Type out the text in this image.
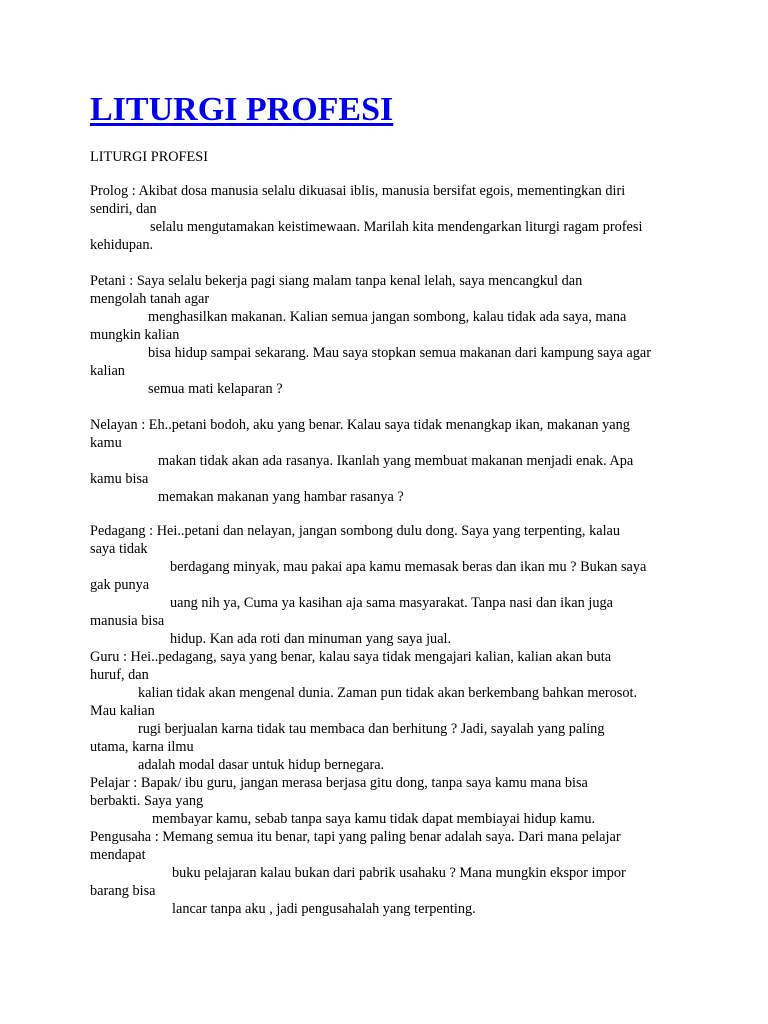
LITURGI PROFESI
LITURGI PROFESI
Prolog : Akibat dosa manusia selalu dikuasai iblis, manusia bersifat egois, mementingkan diri
sendiri, dan
selalu mengutamakan keistimewaan. Marilah kita mendengarkan liturgi ragam profesi
kehidupan.
Petani : Saya selalu bekerja pagi siang malam tanpa kenal lelah, saya mencangkul dan
mengolah tanah agar
menghasilkan makanan. Kalian semua jangan sombong, kalau tidak ada saya, mana
mungkin kalian
bisa hidup sampai sekarang. Mau saya stopkan semua makanan dari kampung saya agar
kalian
semua mati kelaparan ?
Nelayan : Eh..petani bodoh, aku yang benar. Kalau saya tidak menangkap ikan, makanan yang
kamu
makan tidak akan ada rasanya. Ikanlah yang membuat makanan menjadi enak. Apa
kamu bisa
memakan makanan yang hambar rasanya ?
Pedagang : Hei..petani dan nelayan, jangan sombong dulu dong. Saya yang terpenting, kalau
saya tidak
berdagang minyak, mau pakai apa kamu memasak beras dan ikan mu ? Bukan saya
gak punya
uang nih ya, Cuma ya kasihan aja sama masyarakat. Tanpa nasi dan ikan juga
manusia bisa
hidup. Kan ada roti dan minuman yang saya jual.
Guru : Hei..pedagang, saya yang benar, kalau saya tidak mengajari kalian, kalian akan buta
huruf, dan
kalian tidak akan mengenal dunia. Zaman pun tidak akan berkembang bahkan merosot.
Mau kalian
rugi berjualan karna tidak tau membaca dan berhitung ? Jadi, sayalah yang paling
utama, karna ilmu
adalah modal dasar untuk hidup bernegara.
Pelajar : Bapak/ ibu guru, jangan merasa berjasa gitu dong, tanpa saya kamu mana bisa
berbakti. Saya yang
membayar kamu, sebab tanpa saya kamu tidak dapat membiayai hidup kamu.
Pengusaha : Memang semua itu benar, tapi yang paling benar adalah saya. Dari mana pelajar
mendapat
buku pelajaran kalau bukan dari pabrik usahaku ? Mana mungkin ekspor impor
barang bisa
lancar tanpa aku , jadi pengusahalah yang terpenting.
